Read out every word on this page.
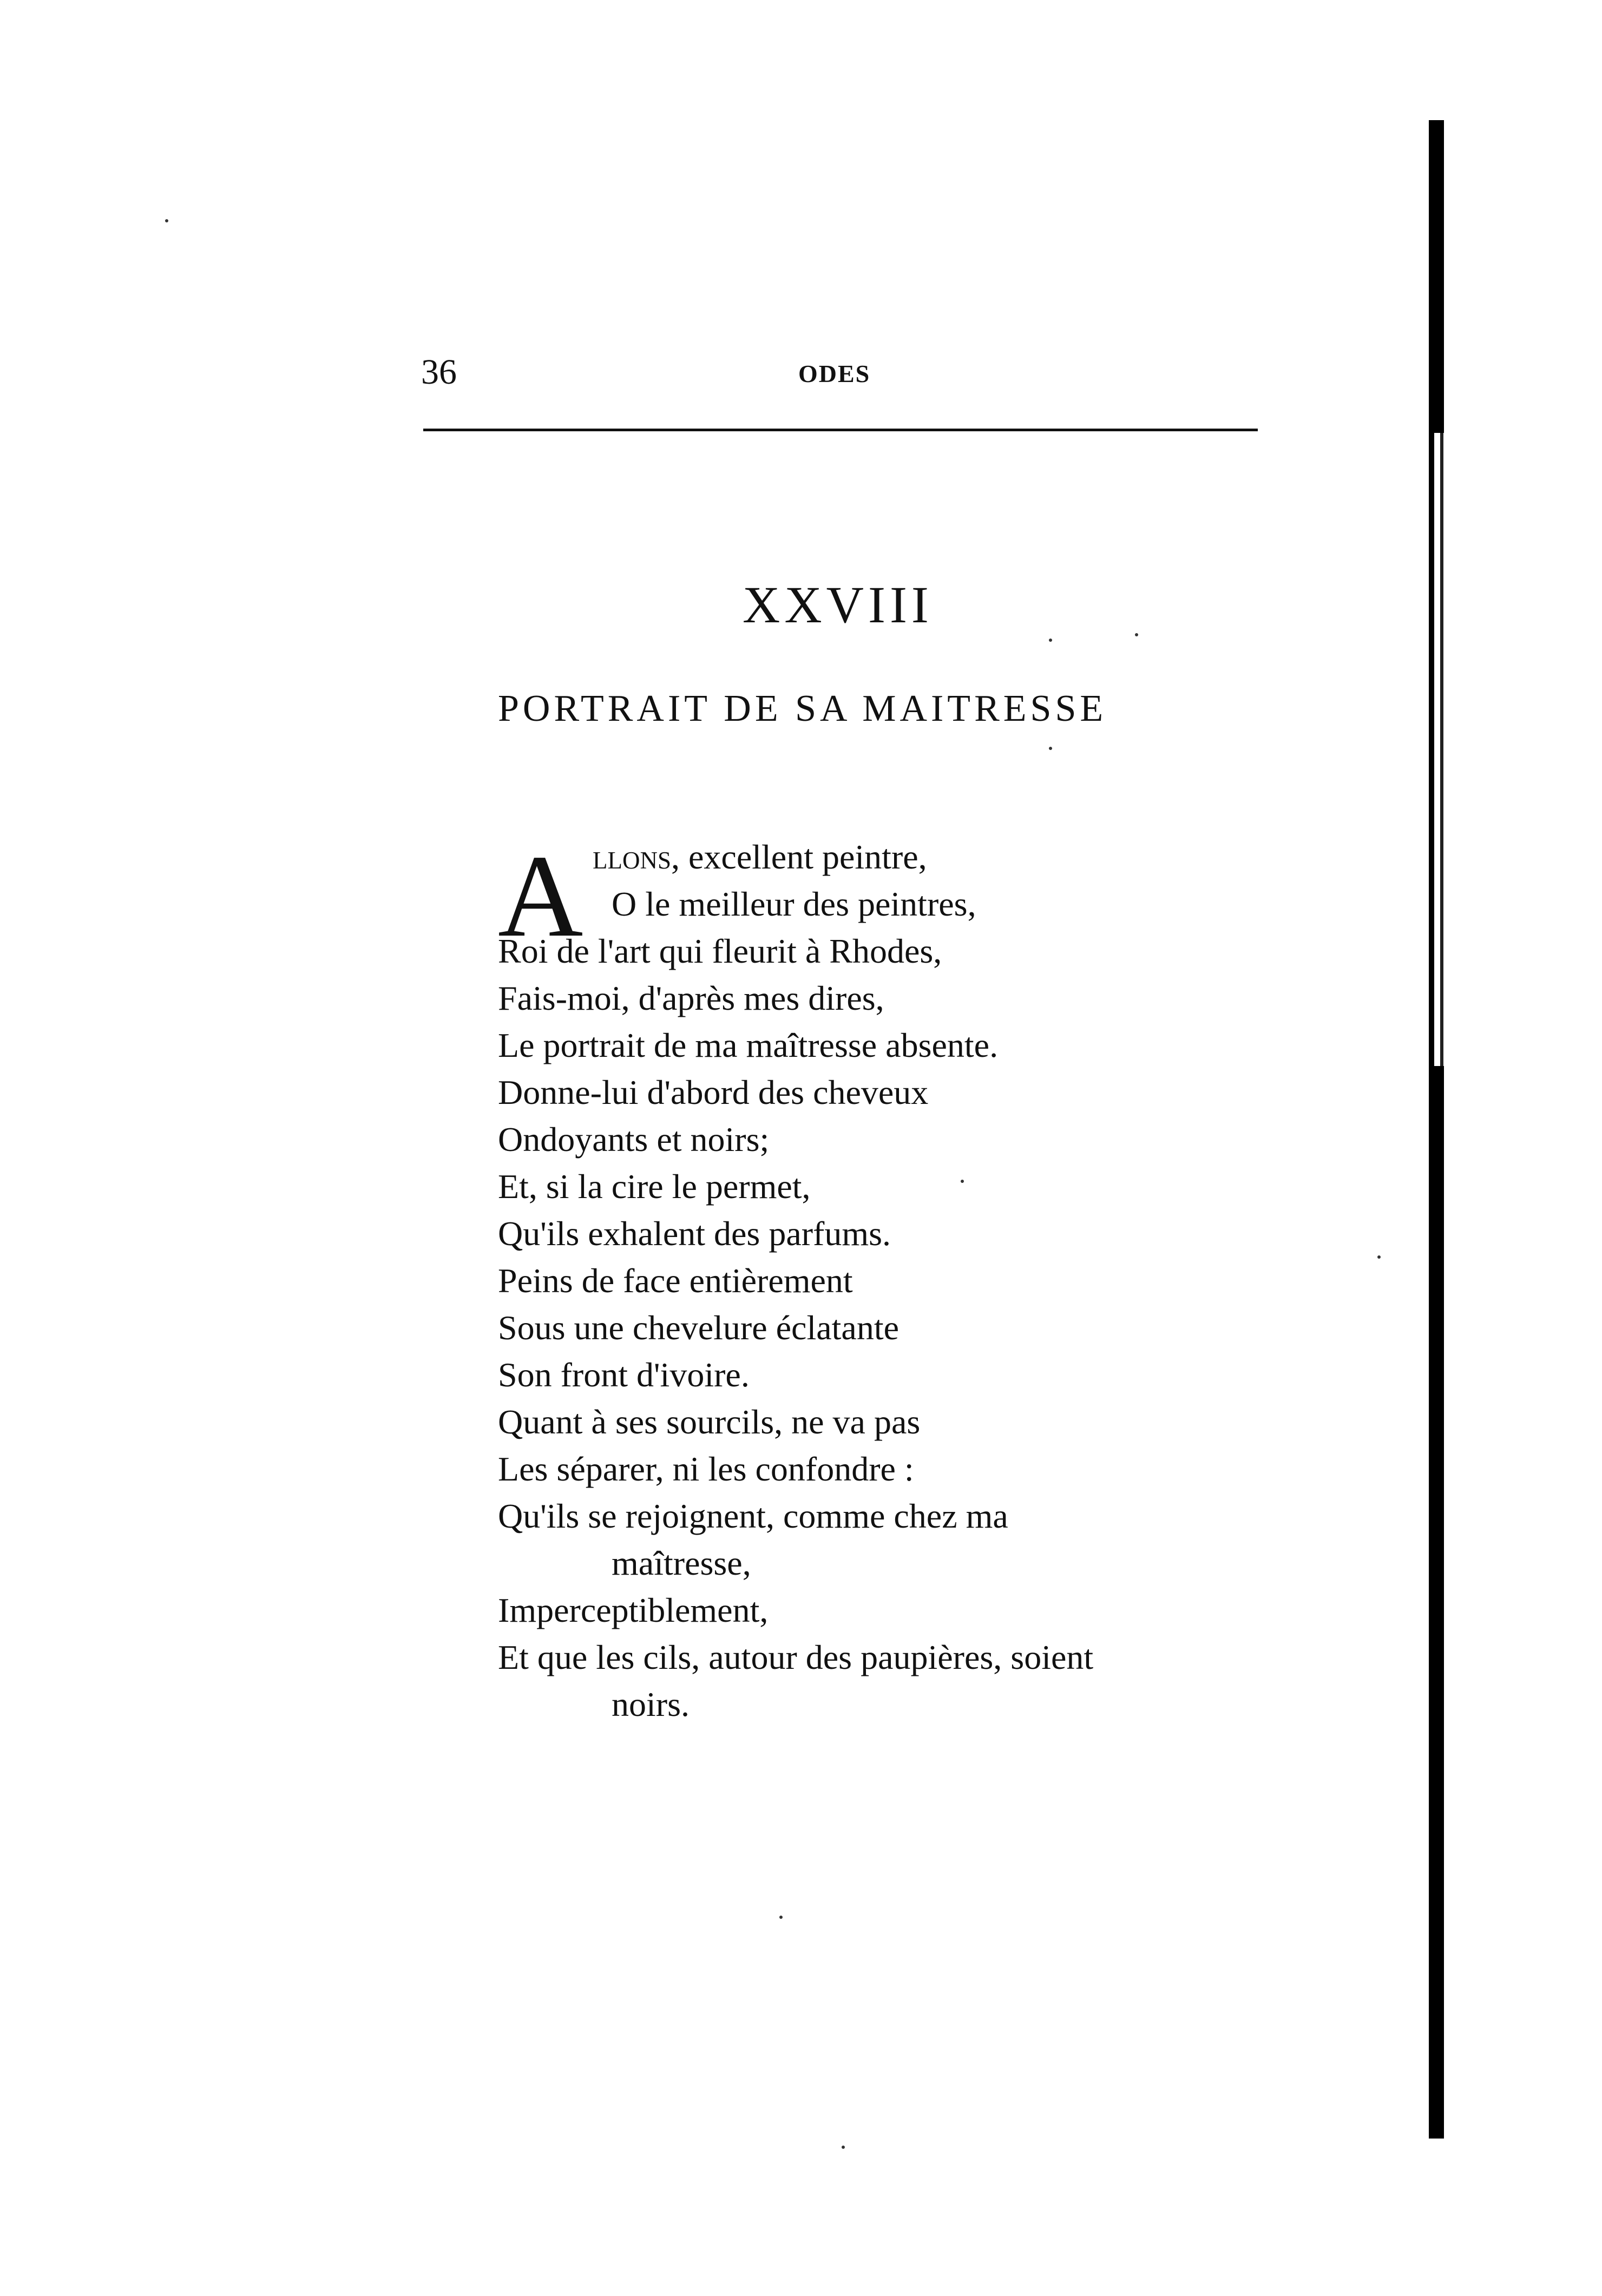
36	ODES
XXVIII
PORTRAIT DE SA MAITRESSE
A llons, excellent peintre,
O le meilleur des peintres,
Roi de l'art qui fleurit à Rhodes,
Fais-moi, d'après mes dires,
Le portrait de ma maîtresse absente.
Donne-lui d'abord des cheveux
Ondoyants et noirs;
Et, si la cire le permet,
Qu'ils exhalent des parfums.
Peins de face entièrement
Sous une chevelure éclatante
Son front d'ivoire.
Quant à ses sourcils, ne va pas
Les séparer, ni les confondre :
Qu'ils se rejoignent, comme chez ma
maîtresse,
Imperceptiblement,
Et que les cils, autour des paupières, soient
noirs.
